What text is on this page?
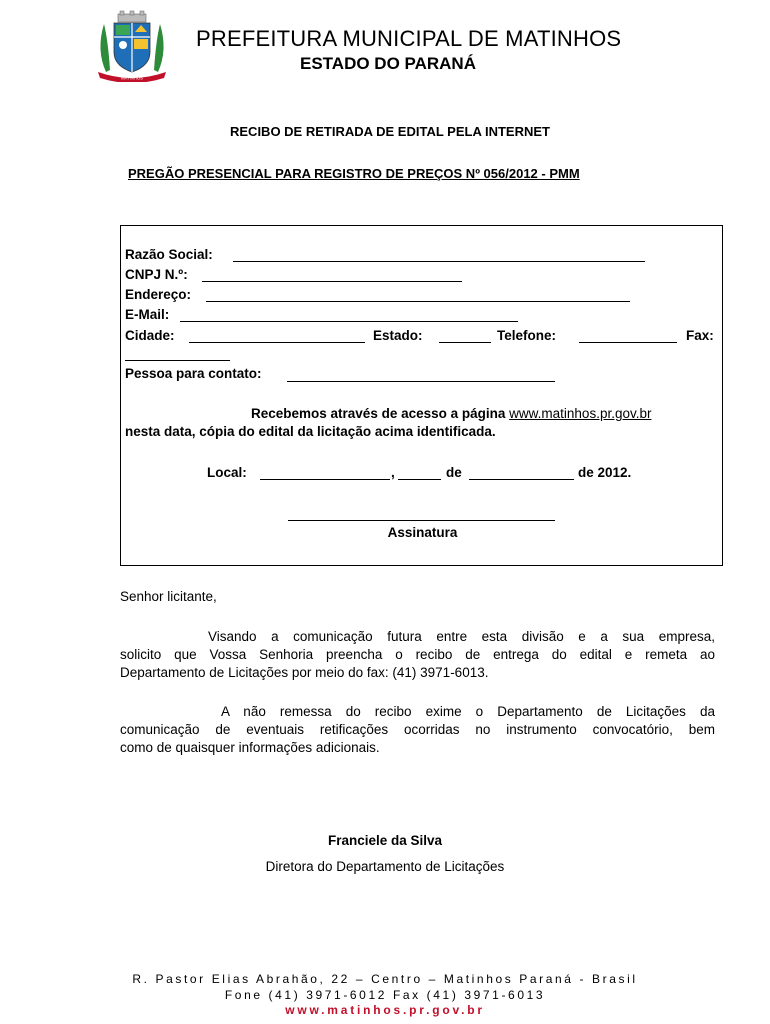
MATINHOS
PREFEITURA MUNICIPAL DE MATINHOS
ESTADO DO PARANÁ
RECIBO DE RETIRADA DE EDITAL PELA INTERNET
PREGÃO PRESENCIAL PARA REGISTRO DE PREÇOS Nº 056/2012 - PMM
Razão Social:
CNPJ N.º:
Endereço:
E-Mail:
Cidade:	Estado:	Telefone:	Fax:
Pessoa para contato:
Recebemos através de acesso a página www.matinhos.pr.gov.br
nesta data, cópia do edital da licitação acima identificada.
Local:	,	de	de 2012.
Assinatura
Senhor licitante,
Visando a comunicação futura entre esta divisão e a sua empresa,
solicito que Vossa Senhoria preencha o recibo de entrega do edital e remeta ao
Departamento de Licitações por meio do fax: (41) 3971-6013.
A não remessa do recibo exime o Departamento de Licitações da
comunicação de eventuais retificações ocorridas no instrumento convocatório, bem
como de quaisquer informações adicionais.
Franciele da Silva
Diretora do Departamento de Licitações
R. Pastor Elias Abrahão, 22 – Centro – Matinhos Paraná - Brasil
Fone (41) 3971-6012 Fax (41) 3971-6013
www.matinhos.pr.gov.br
